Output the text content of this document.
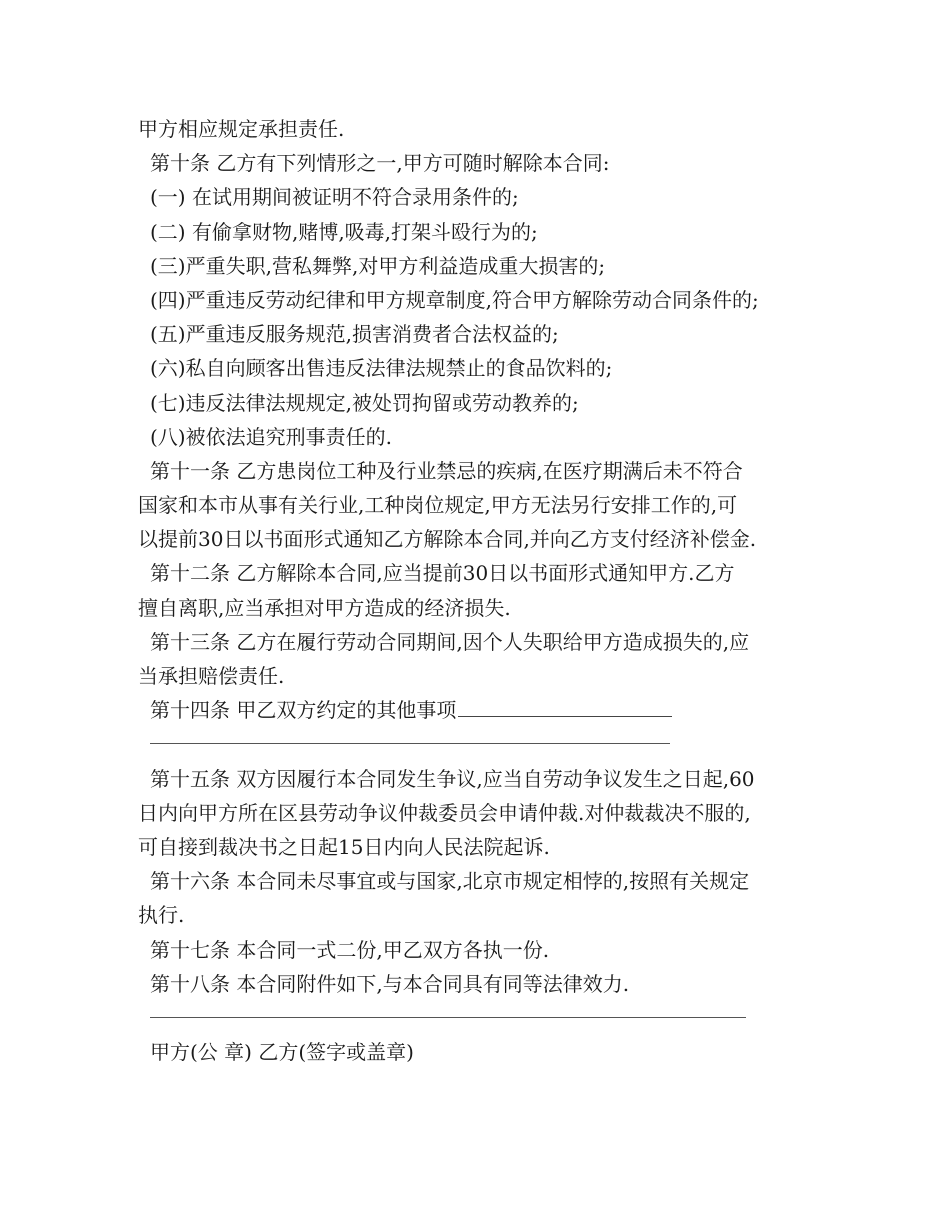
甲方相应规定承担责任.
第十条 乙方有下列情形之一,甲方可随时解除本合同:
(一) 在试用期间被证明不符合录用条件的;
(二) 有偷拿财物,赌博,吸毒,打架斗殴行为的;
(三)严重失职,营私舞弊,对甲方利益造成重大损害的;
(四)严重违反劳动纪律和甲方规章制度,符合甲方解除劳动合同条件的;
(五)严重违反服务规范,损害消费者合法权益的;
(六)私自向顾客出售违反法律法规禁止的食品饮料的;
(七)违反法律法规规定,被处罚拘留或劳动教养的;
(八)被依法追究刑事责任的.
第十一条 乙方患岗位工种及行业禁忌的疾病,在医疗期满后未不符合
国家和本市从事有关行业,工种岗位规定,甲方无法另行安排工作的,可
以提前30日以书面形式通知乙方解除本合同,并向乙方支付经济补偿金.
第十二条 乙方解除本合同,应当提前30日以书面形式通知甲方.乙方
擅自离职,应当承担对甲方造成的经济损失.
第十三条 乙方在履行劳动合同期间,因个人失职给甲方造成损失的,应
当承担赔偿责任.
第十四条 甲乙双方约定的其他事项
第十五条 双方因履行本合同发生争议,应当自劳动争议发生之日起,60
日内向甲方所在区县劳动争议仲裁委员会申请仲裁.对仲裁裁决不服的,
可自接到裁决书之日起15日内向人民法院起诉.
第十六条 本合同未尽事宜或与国家,北京市规定相悖的,按照有关规定
执行.
第十七条 本合同一式二份,甲乙双方各执一份.
第十八条 本合同附件如下,与本合同具有同等法律效力.
甲方(公 章) 乙方(签字或盖章)
